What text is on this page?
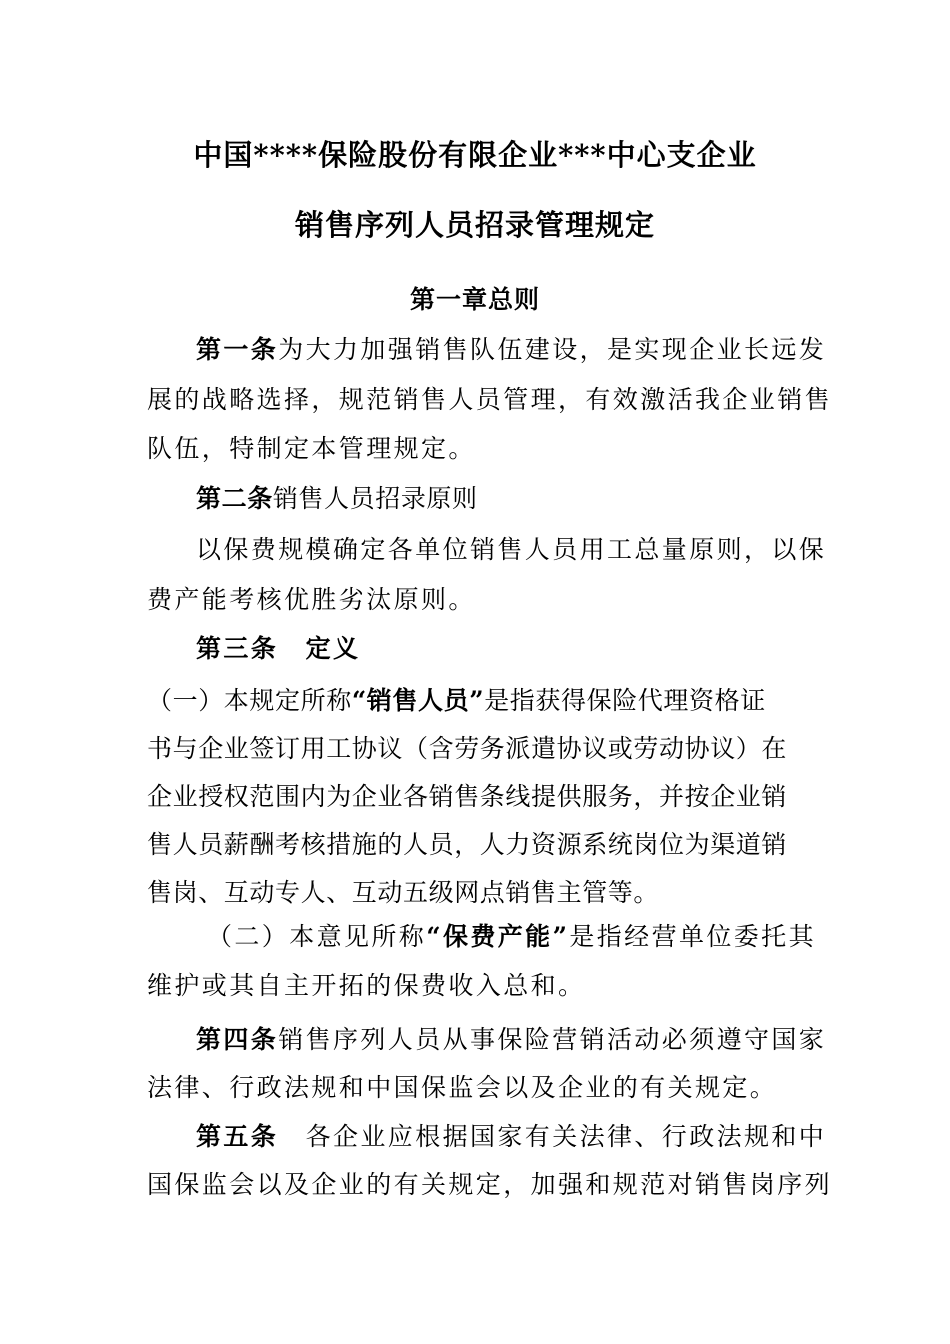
中国****保险股份有限企业***中心支企业
销售序列人员招录管理规定
第一章总则
第一条为大力加强销售队伍建设，是实现企业长远发
展的战略选择，规范销售人员管理，有效激活我企业销售
队伍，特制定本管理规定。
第二条销售人员招录原则
以保费规模确定各单位销售人员用工总量原则，以保
费产能考核优胜劣汰原则。
第三条　定义
（一）本规定所称“销售人员”是指获得保险代理资格证
书与企业签订用工协议（含劳务派遣协议或劳动协议）在
企业授权范围内为企业各销售条线提供服务，并按企业销
售人员薪酬考核措施的人员，人力资源系统岗位为渠道销
售岗、互动专人、互动五级网点销售主管等。
（二）本意见所称“保费产能”是指经营单位委托其
维护或其自主开拓的保费收入总和。
第四条销售序列人员从事保险营销活动必须遵守国家
法律、行政法规和中国保监会以及企业的有关规定。
第五条　各企业应根据国家有关法律、行政法规和中
国保监会以及企业的有关规定，加强和规范对销售岗序列
